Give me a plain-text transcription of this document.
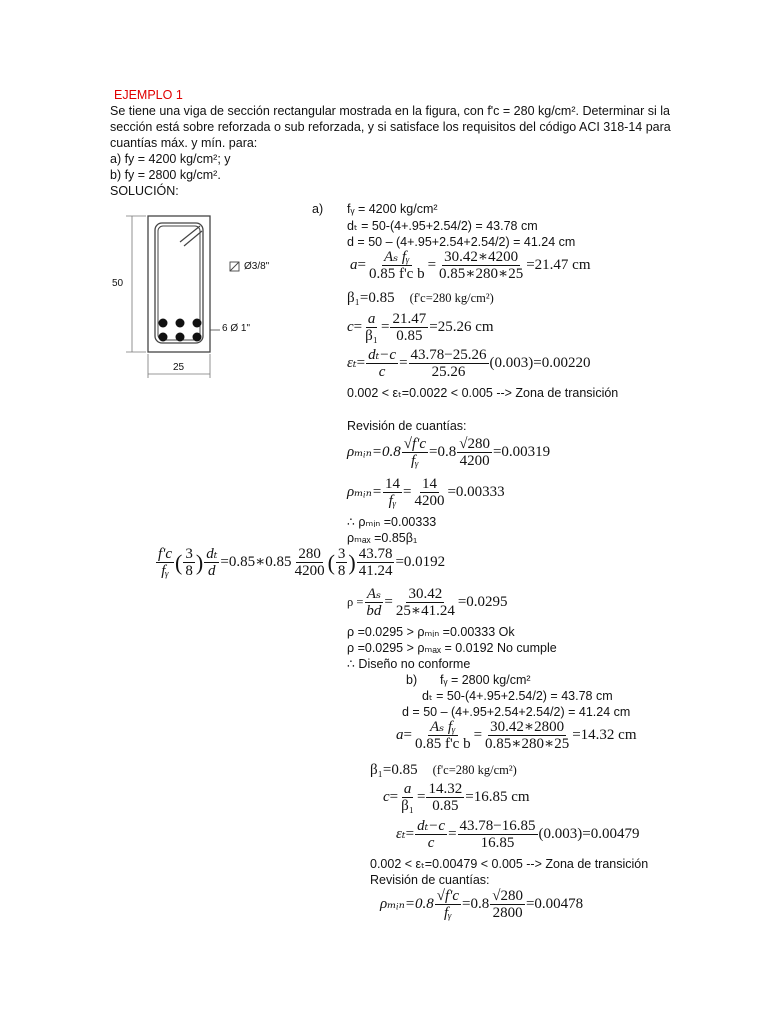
EJEMPLO 1
Se tiene una viga de sección rectangular mostrada en la figura, con f'c = 280 kg/cm². Determinar si la
sección está sobre reforzada o sub reforzada, y si satisface los requisitos del código ACI 318-14 para
cuantías máx. y mín. para:
a) fy = 4200 kg/cm²; y
b) fy = 2800 kg/cm².
SOLUCIÓN:
50
25
Ø3/8"
6 Ø 1"
a) fᵧ = 4200 kg/cm²
dₜ = 50-(4+.95+2.54/2) = 43.78 cm
d = 50 – (4+.95+2.54+2.54/2) = 41.24 cm
$a= \frac{\text{Aₛ fᵧ}}{\text{0.85 f'c b}} = \frac{30.42∗4200}{0.85∗280∗25} =21.47$ cm
β₁=0.85 (f'c=280 kg/cm²)
$c= \frac{a}{\text{β₁}} = \frac{21.47}{0.85} =25.26$ cm
$\varepsilon_t= \frac{\text{dₜ−c}}{c} = \frac{43.78-25.26}{25.26} (0.003)=0.00220$
0.002 < εₜ=0.0022 < 0.005 --> Zona de transición
Revisión de cuantías:
ρₘᵢₙ=0.8 $\frac{√f'c}{\text{fᵧ}} =0.8 \frac{√280}{4200} =0.00319$
ρₘᵢₙ= $\frac{14}{\text{fᵧ}} = \frac{14}{4200} =0.00333$
∴ ρₘᵢₙ =0.00333
ρₘₐₓ =0.85β₁
$\frac{f'c}{\text{fᵧ}}$ ( $\frac{3}{8}$ ) $\frac{\text{dₜ}}{d}$ =0.85∗0.85 $\frac{280}{4200}$ ( $\frac{3}{8}$ ) $\frac{43.78}{41.24} =0.0192$
$\rho = \frac{\text{Aₛ}}{bd} = \frac{30.42}{25∗41.24} =0.0295$
ρ =0.0295 > ρₘᵢₙ =0.00333 Ok
ρ =0.0295 > ρₘₐₓ = 0.0192 No cumple
∴ Diseño no conforme
b) fᵧ = 2800 kg/cm²
dₜ = 50-(4+.95+2.54/2) = 43.78 cm
d = 50 – (4+.95+2.54+2.54/2) = 41.24 cm
$a= \frac{\text{Aₛ fᵧ}}{\text{0.85 f'c b}} = \frac{30.42∗2800}{0.85∗280∗25} =14.32$ cm
β₁=0.85 (f'c=280 kg/cm²)
$c= \frac{a}{\text{β₁}} = \frac{14.32}{0.85} =16.85$ cm
$\varepsilon_t= \frac{\text{dₜ−c}}{c} = \frac{43.78-16.85}{16.85} (0.003)=0.00479$
0.002 < εₜ=0.00479 < 0.005 --> Zona de transición
Revisión de cuantías:
ρₘᵢₙ=0.8 $\frac{√f'c}{\text{fᵧ}} =0.8 \frac{√280}{2800} =0.00478$
